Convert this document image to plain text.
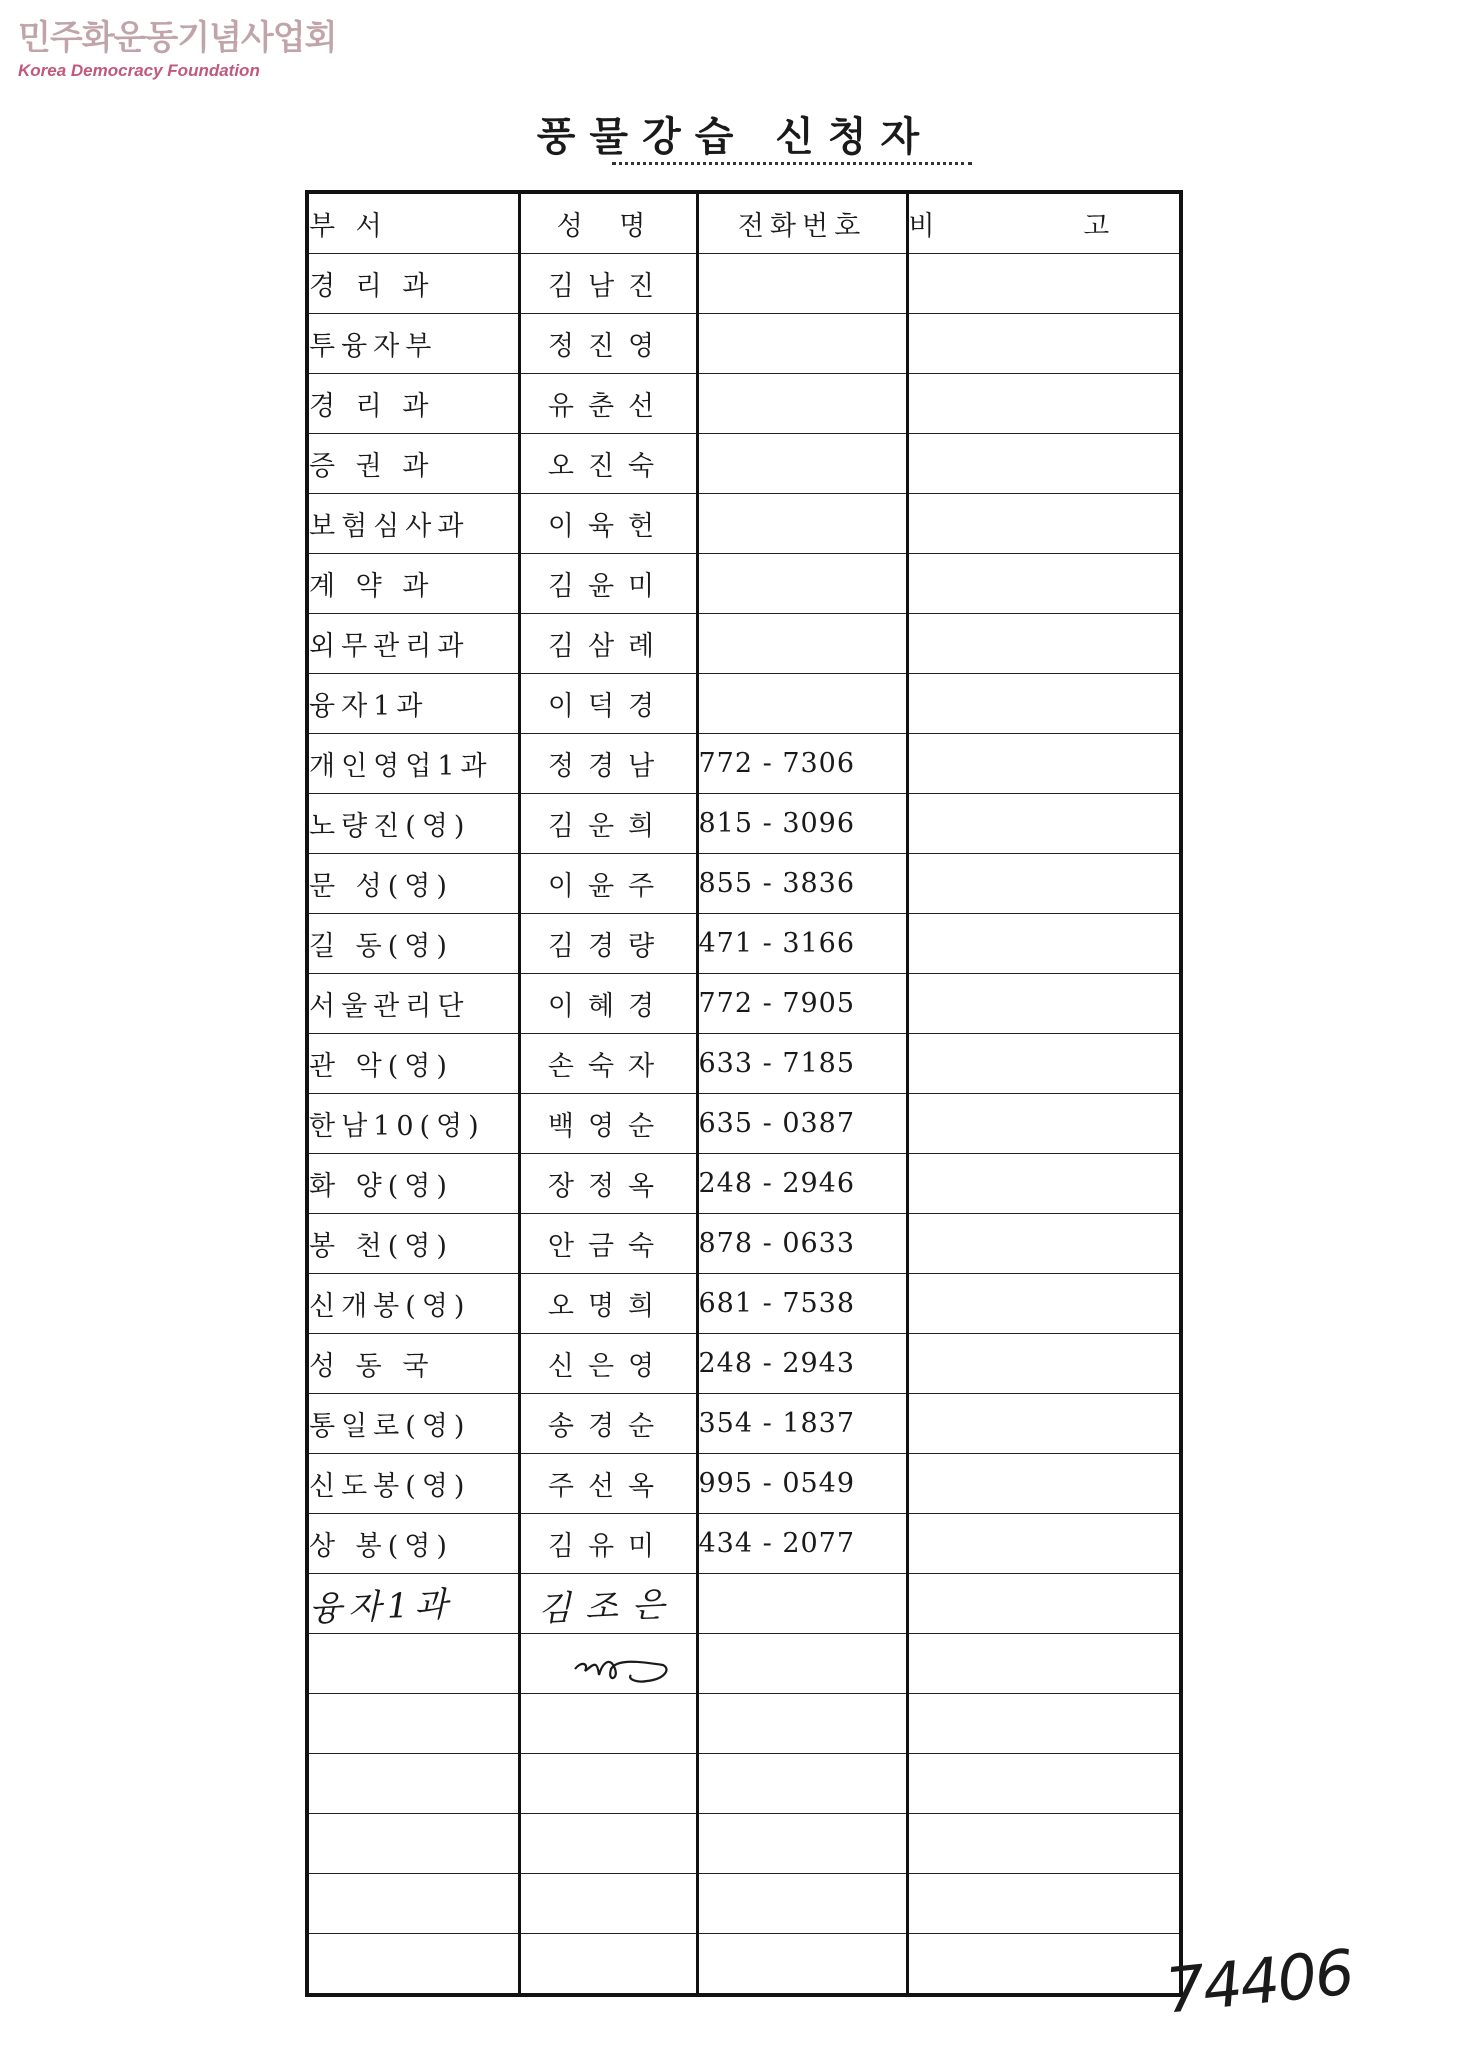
민주화운동기념사업회
Korea Democracy Foundation
풍물강습 신청자
부 서	성 명	전화번호	비 고
경 리 과	김남진		
투융자부	정진영		
경 리 과	유춘선		
증 권 과	오진숙		
보험심사과	이육헌		
계 약 과	김윤미		
외무관리과	김삼례		
융자1과	이덕경		
개인영업1과	정경남	772 - 7306	
노량진(영)	김운희	815 - 3096	
문 성(영)	이윤주	855 - 3836	
길 동(영)	김경량	471 - 3166	
서울관리단	이혜경	772 - 7905	
관 악(영)	손숙자	633 - 7185	
한남10(영)	백영순	635 - 0387	
화 양(영)	장정옥	248 - 2946	
봉 천(영)	안금숙	878 - 0633	
신개봉(영)	오명희	681 - 7538	
성 동 국	신은영	248 - 2943	
통일로(영)	송경순	354 - 1837	
신도봉(영)	주선옥	995 - 0549	
상 봉(영)	김유미	434 - 2077	
융자1과	김조은		

74406
